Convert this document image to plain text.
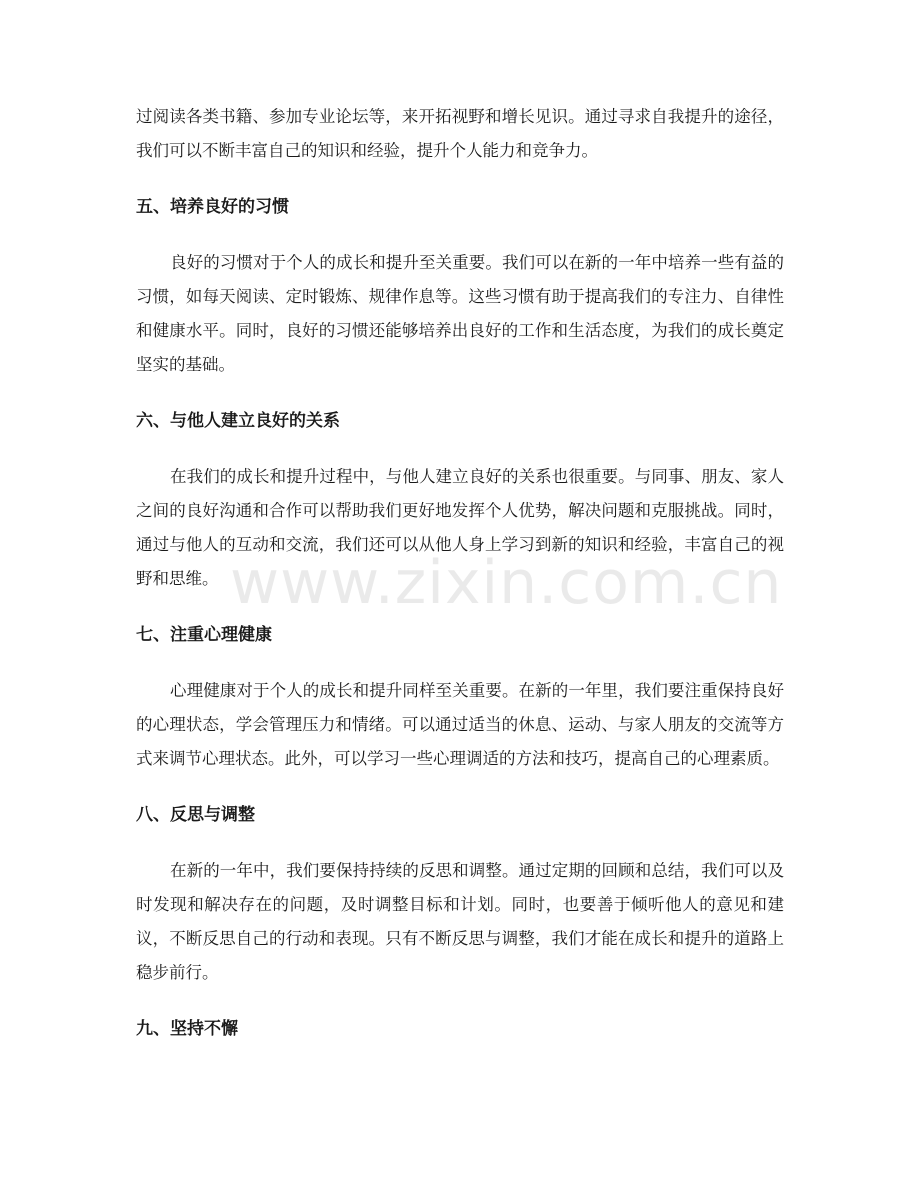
过阅读各类书籍、参加专业论坛等，来开拓视野和增长见识。通过寻求自我提升的途径，我们可以不断丰富自己的知识和经验，提升个人能力和竞争力。

五、培养良好的习惯

良好的习惯对于个人的成长和提升至关重要。我们可以在新的一年中培养一些有益的习惯，如每天阅读、定时锻炼、规律作息等。这些习惯有助于提高我们的专注力、自律性和健康水平。同时，良好的习惯还能够培养出良好的工作和生活态度，为我们的成长奠定坚实的基础。

六、与他人建立良好的关系

在我们的成长和提升过程中，与他人建立良好的关系也很重要。与同事、朋友、家人之间的良好沟通和合作可以帮助我们更好地发挥个人优势，解决问题和克服挑战。同时，通过与他人的互动和交流，我们还可以从他人身上学习到新的知识和经验，丰富自己的视野和思维。

七、注重心理健康

心理健康对于个人的成长和提升同样至关重要。在新的一年里，我们要注重保持良好的心理状态，学会管理压力和情绪。可以通过适当的休息、运动、与家人朋友的交流等方式来调节心理状态。此外，可以学习一些心理调适的方法和技巧，提高自己的心理素质。

八、反思与调整

在新的一年中，我们要保持持续的反思和调整。通过定期的回顾和总结，我们可以及时发现和解决存在的问题，及时调整目标和计划。同时，也要善于倾听他人的意见和建议，不断反思自己的行动和表现。只有不断反思与调整，我们才能在成长和提升的道路上稳步前行。

九、坚持不懈
www.zixin.com.cn
